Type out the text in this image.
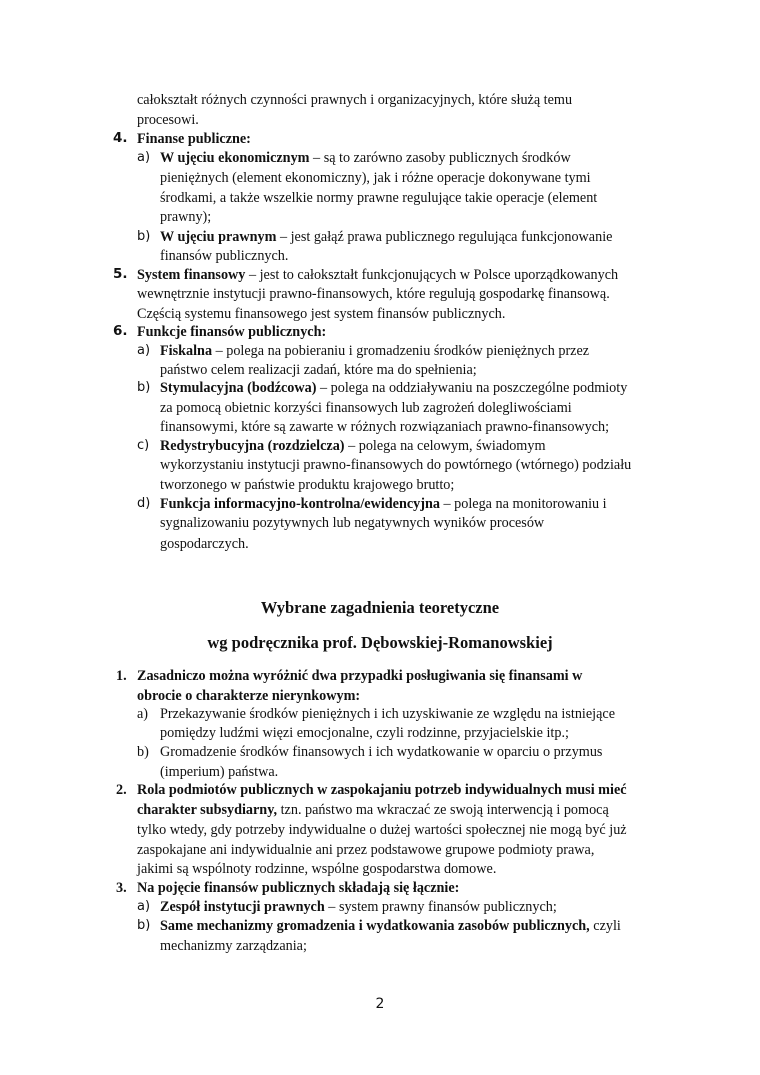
całokształt różnych czynności prawnych i organizacyjnych, które służą temu
procesowi.
4. Finanse publiczne:
a) W ujęciu ekonomicznym – są to zarówno zasoby publicznych środków
pieniężnych (element ekonomiczny), jak i różne operacje dokonywane tymi
środkami, a także wszelkie normy prawne regulujące takie operacje (element
prawny);
b) W ujęciu prawnym – jest gałąź prawa publicznego regulująca funkcjonowanie
finansów publicznych.
5. System finansowy – jest to całokształt funkcjonujących w Polsce uporządkowanych
wewnętrznie instytucji prawno-finansowych, które regulują gospodarkę finansową.
Częścią systemu finansowego jest system finansów publicznych.
6. Funkcje finansów publicznych:
a) Fiskalna – polega na pobieraniu i gromadzeniu środków pieniężnych przez
państwo celem realizacji zadań, które ma do spełnienia;
b) Stymulacyjna (bodźcowa) – polega na oddziaływaniu na poszczególne podmioty
za pomocą obietnic korzyści finansowych lub zagrożeń dolegliwościami
finansowymi, które są zawarte w różnych rozwiązaniach prawno-finansowych;
c) Redystrybucyjna (rozdzielcza) – polega na celowym, świadomym
wykorzystaniu instytucji prawno-finansowych do powtórnego (wtórnego) podziału
tworzonego w państwie produktu krajowego brutto;
d) Funkcja informacyjno-kontrolna/ewidencyjna – polega na monitorowaniu i
sygnalizowaniu pozytywnych lub negatywnych wyników procesów
gospodarczych.
Wybrane zagadnienia teoretyczne
wg podręcznika prof. Dębowskiej-Romanowskiej
1. Zasadniczo można wyróżnić dwa przypadki posługiwania się finansami w
obrocie o charakterze nierynkowym:
a) Przekazywanie środków pieniężnych i ich uzyskiwanie ze względu na istniejące
pomiędzy ludźmi więzi emocjonalne, czyli rodzinne, przyjacielskie itp.;
b) Gromadzenie środków finansowych i ich wydatkowanie w oparciu o przymus
(imperium) państwa.
2. Rola podmiotów publicznych w zaspokajaniu potrzeb indywidualnych musi mieć
charakter subsydiarny, tzn. państwo ma wkraczać ze swoją interwencją i pomocą
tylko wtedy, gdy potrzeby indywidualne o dużej wartości społecznej nie mogą być już
zaspokajane ani indywidualnie ani przez podstawowe grupowe podmioty prawa,
jakimi są wspólnoty rodzinne, wspólne gospodarstwa domowe.
3. Na pojęcie finansów publicznych składają się łącznie:
a) Zespół instytucji prawnych – system prawny finansów publicznych;
b) Same mechanizmy gromadzenia i wydatkowania zasobów publicznych, czyli
mechanizmy zarządzania;
2
